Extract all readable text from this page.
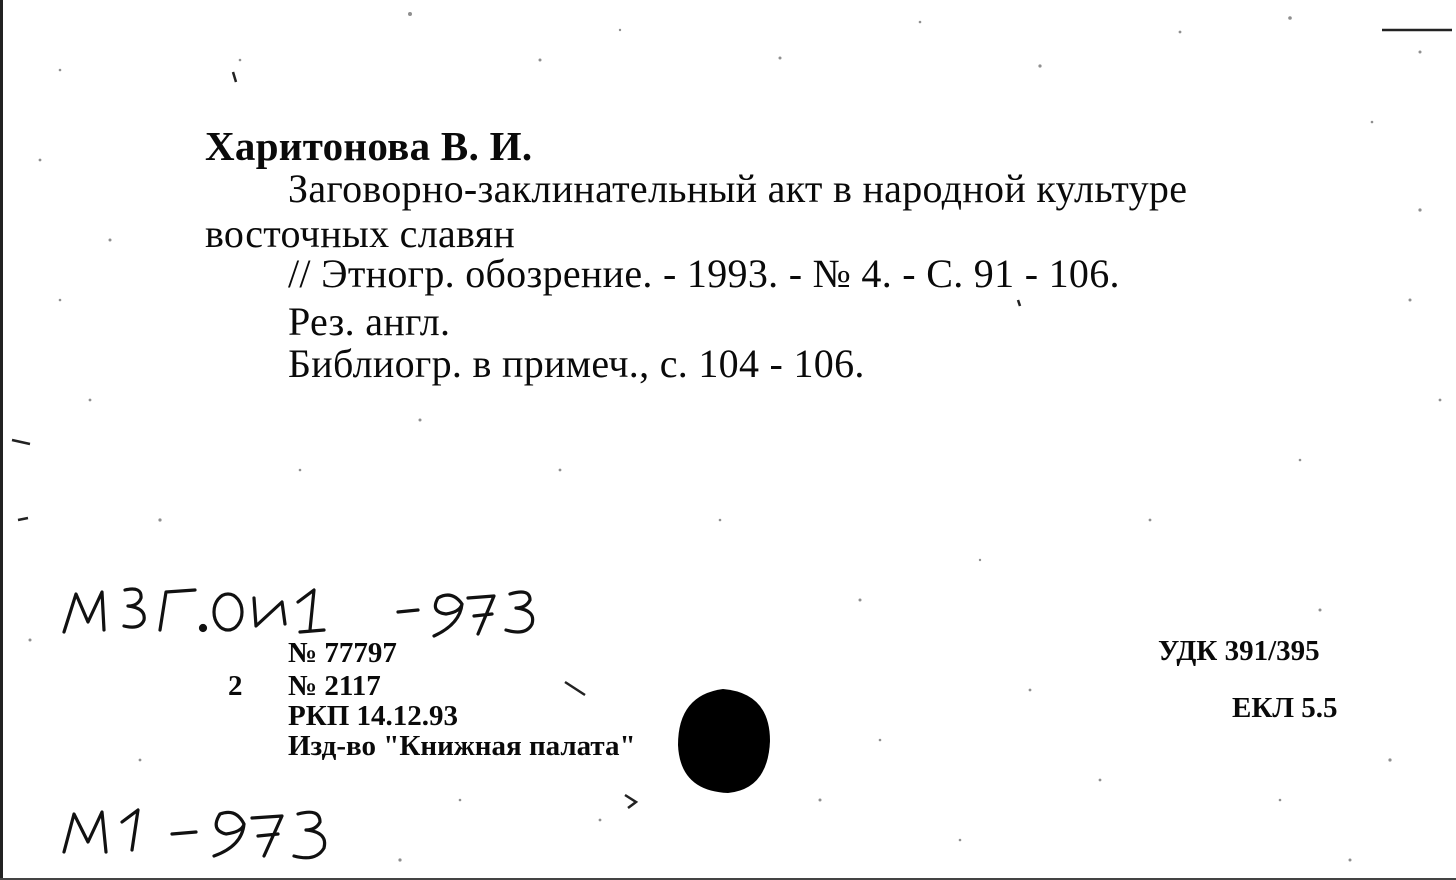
Харитонова В. И.
Заговорно-заклинательный акт в народной культуре
восточных славян
// Этногр. обозрение. - 1993. - № 4. - С. 91 - 106.
Рез. англ.
Библиогр. в примеч., с. 104 - 106.
№ 77797
2 № 2117
РКП 14.12.93
Изд-во "Книжная палата"
УДК 391/395
ЕКЛ 5.5
